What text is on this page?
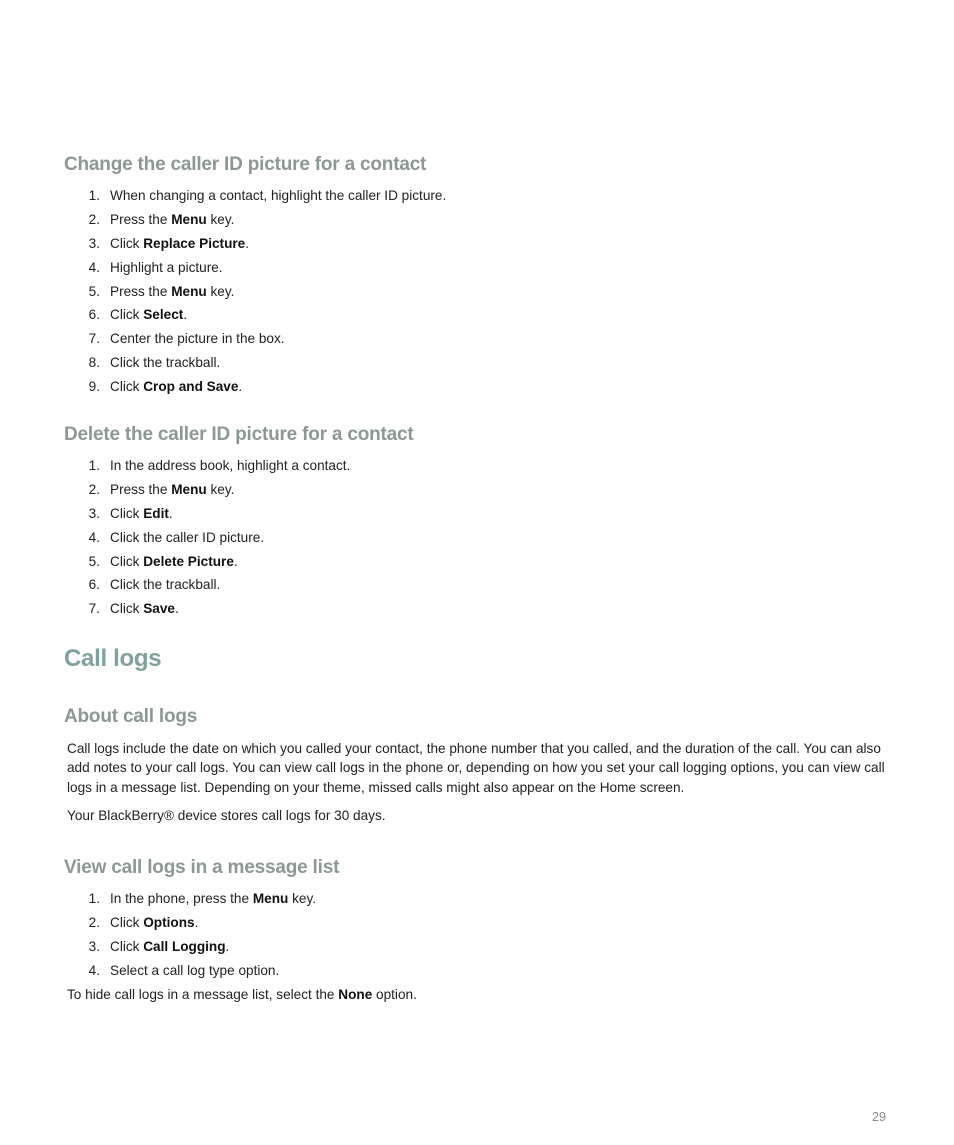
Change the caller ID picture for a contact
1. When changing a contact, highlight the caller ID picture.
2. Press the Menu key.
3. Click Replace Picture.
4. Highlight a picture.
5. Press the Menu key.
6. Click Select.
7. Center the picture in the box.
8. Click the trackball.
9. Click Crop and Save.
Delete the caller ID picture for a contact
1. In the address book, highlight a contact.
2. Press the Menu key.
3. Click Edit.
4. Click the caller ID picture.
5. Click Delete Picture.
6. Click the trackball.
7. Click Save.
Call logs
About call logs

Call logs include the date on which you called your contact, the phone number that you called, and the duration of the call. You can also add notes to your call logs. You can view call logs in the phone or, depending on how you set your call logging options, you can view call logs in a message list. Depending on your theme, missed calls might also appear on the Home screen.

Your BlackBerry® device stores call logs for 30 days.

View call logs in a message list
1. In the phone, press the Menu key.
2. Click Options.
3. Click Call Logging.
4. Select a call log type option.

To hide call logs in a message list, select the None option.

29
